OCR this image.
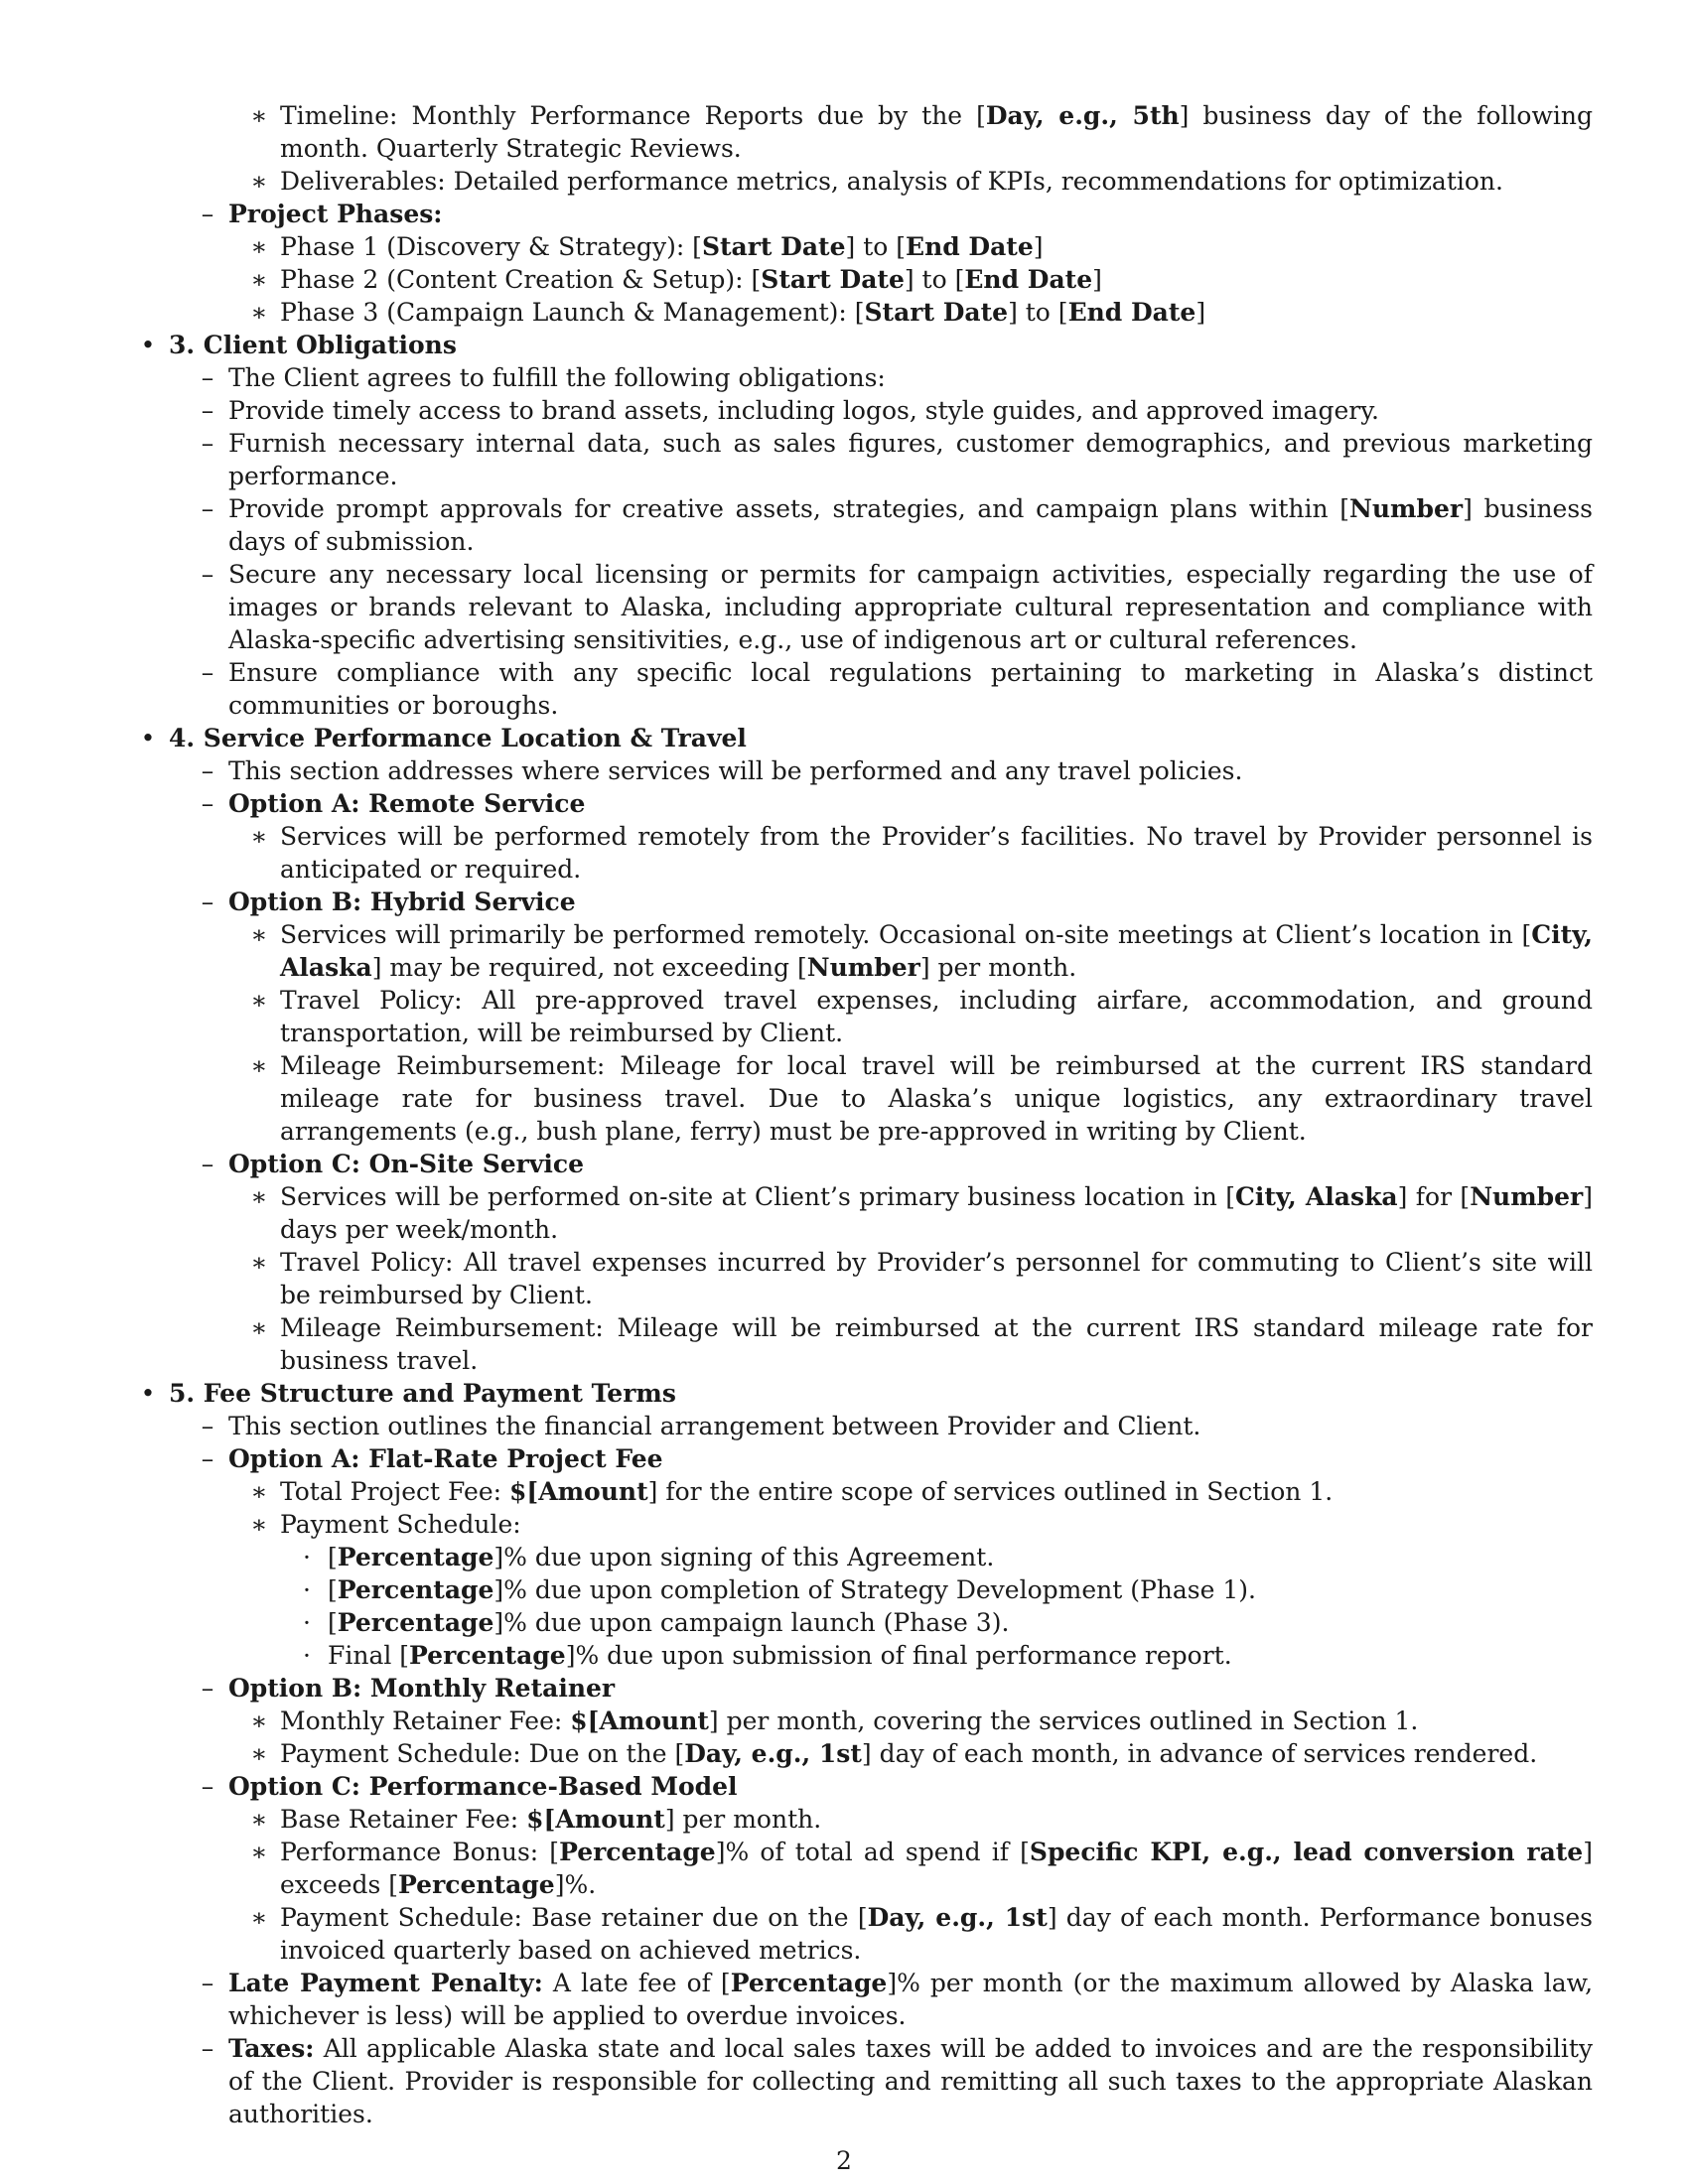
∗ Timeline: Monthly Performance Reports due by the [Day, e.g., 5th] business day of the following month. Quarterly Strategic Reviews.
∗ Deliverables: Detailed performance metrics, analysis of KPIs, recommendations for optimization.
– Project Phases:
∗ Phase 1 (Discovery & Strategy): [Start Date] to [End Date]
∗ Phase 2 (Content Creation & Setup): [Start Date] to [End Date]
∗ Phase 3 (Campaign Launch & Management): [Start Date] to [End Date]
• 3. Client Obligations
– The Client agrees to fulfill the following obligations:
– Provide timely access to brand assets, including logos, style guides, and approved imagery.
– Furnish necessary internal data, such as sales figures, customer demographics, and previous marketing performance.
– Provide prompt approvals for creative assets, strategies, and campaign plans within [Number] business days of submission.
– Secure any necessary local licensing or permits for campaign activities, especially regarding the use of images or brands relevant to Alaska, including appropriate cultural representation and compliance with Alaska-specific advertising sensitivities, e.g., use of indigenous art or cultural references.
– Ensure compliance with any specific local regulations pertaining to marketing in Alaska’s distinct communities or boroughs.
• 4. Service Performance Location & Travel
– This section addresses where services will be performed and any travel policies.
– Option A: Remote Service
∗ Services will be performed remotely from the Provider’s facilities. No travel by Provider personnel is anticipated or required.
– Option B: Hybrid Service
∗ Services will primarily be performed remotely. Occasional on-site meetings at Client’s location in [City, Alaska] may be required, not exceeding [Number] per month.
∗ Travel Policy: All pre-approved travel expenses, including airfare, accommodation, and ground transportation, will be reimbursed by Client.
∗ Mileage Reimbursement: Mileage for local travel will be reimbursed at the current IRS standard mileage rate for business travel. Due to Alaska’s unique logistics, any extraordinary travel arrangements (e.g., bush plane, ferry) must be pre-approved in writing by Client.
– Option C: On-Site Service
∗ Services will be performed on-site at Client’s primary business location in [City, Alaska] for [Number] days per week/month.
∗ Travel Policy: All travel expenses incurred by Provider’s personnel for commuting to Client’s site will be reimbursed by Client.
∗ Mileage Reimbursement: Mileage will be reimbursed at the current IRS standard mileage rate for business travel.
• 5. Fee Structure and Payment Terms
– This section outlines the financial arrangement between Provider and Client.
– Option A: Flat-Rate Project Fee
∗ Total Project Fee: $[Amount] for the entire scope of services outlined in Section 1.
∗ Payment Schedule:
· [Percentage]% due upon signing of this Agreement.
· [Percentage]% due upon completion of Strategy Development (Phase 1).
· [Percentage]% due upon campaign launch (Phase 3).
· Final [Percentage]% due upon submission of final performance report.
– Option B: Monthly Retainer
∗ Monthly Retainer Fee: $[Amount] per month, covering the services outlined in Section 1.
∗ Payment Schedule: Due on the [Day, e.g., 1st] day of each month, in advance of services rendered.
– Option C: Performance-Based Model
∗ Base Retainer Fee: $[Amount] per month.
∗ Performance Bonus: [Percentage]% of total ad spend if [Specific KPI, e.g., lead conversion rate] exceeds [Percentage]%.
∗ Payment Schedule: Base retainer due on the [Day, e.g., 1st] day of each month. Performance bonuses invoiced quarterly based on achieved metrics.
– Late Payment Penalty: A late fee of [Percentage]% per month (or the maximum allowed by Alaska law, whichever is less) will be applied to overdue invoices.
– Taxes: All applicable Alaska state and local sales taxes will be added to invoices and are the responsibility of the Client. Provider is responsible for collecting and remitting all such taxes to the appropriate Alaskan authorities.
2
